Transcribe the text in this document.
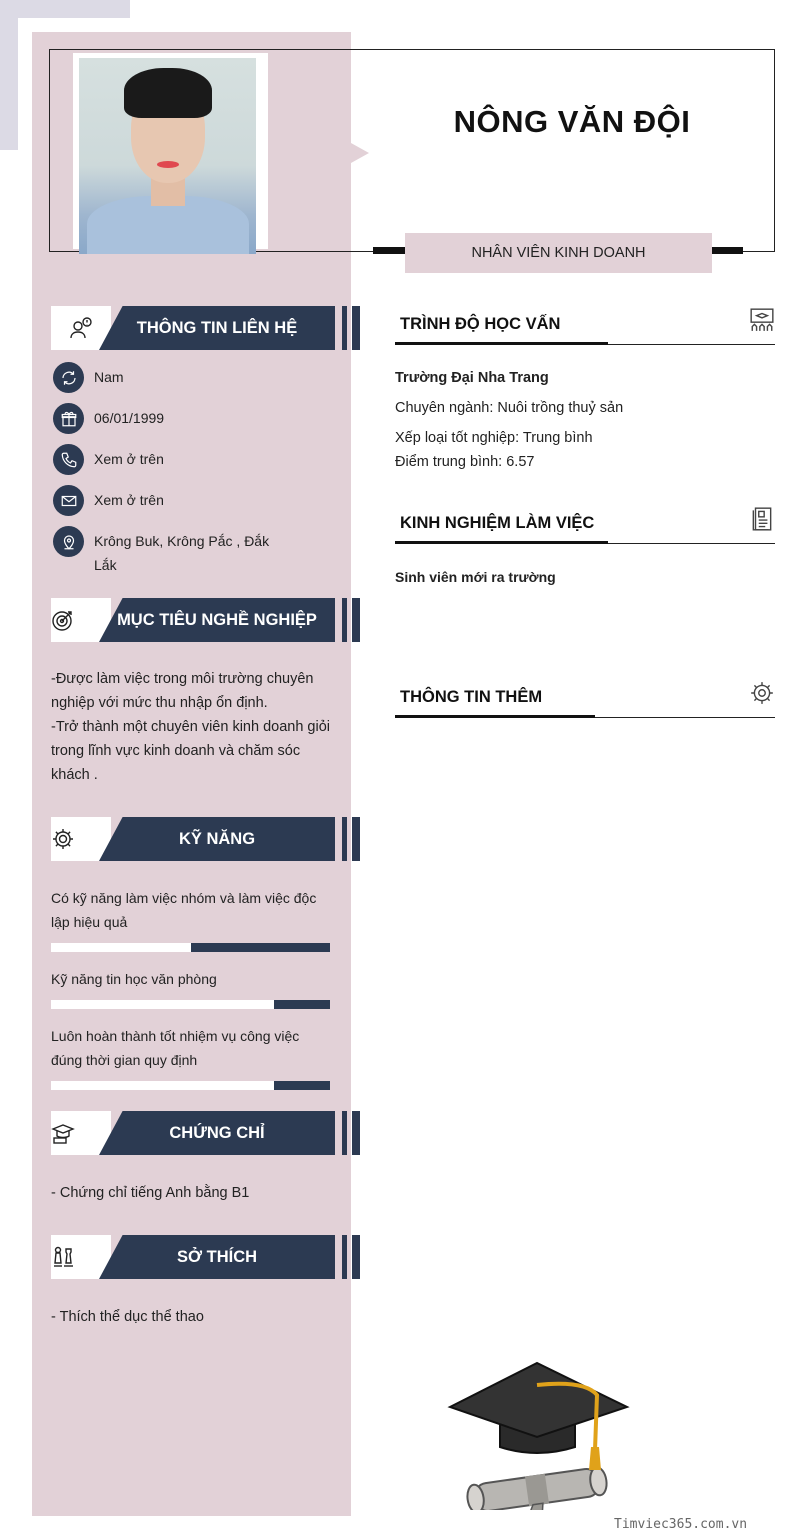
NÔNG VĂN ĐỘI
NHÂN VIÊN KINH DOANH
THÔNG TIN LIÊN HỆ
Nam
06/01/1999
Xem ở trên
Xem ở trên
Krông Buk, Krông Pắc , Đắk Lắk
MỤC TIÊU NGHỀ NGHIỆP
-Được làm việc trong môi trường chuyên nghiệp với mức thu nhập ổn định.
-Trở thành một chuyên viên kinh doanh giỏi trong lĩnh vực kinh doanh và chăm sóc khách .
KỸ NĂNG
Có kỹ năng làm việc nhóm và làm việc độc lập hiệu quả
Kỹ năng tin học văn phòng
Luôn hoàn thành tốt nhiệm vụ công việc đúng thời gian quy định
CHỨNG CHỈ
- Chứng chỉ tiếng Anh bằng B1
SỞ THÍCH
- Thích thể dục thể thao
TRÌNH ĐỘ HỌC VẤN
Trường Đại Nha Trang
Chuyên ngành: Nuôi trồng thuỷ sản
Xếp loại tốt nghiệp: Trung bình
Điểm trung bình: 6.57
KINH NGHIỆM LÀM VIỆC
Sinh viên mới ra trường
THÔNG TIN THÊM
Timviec365.com.vn
